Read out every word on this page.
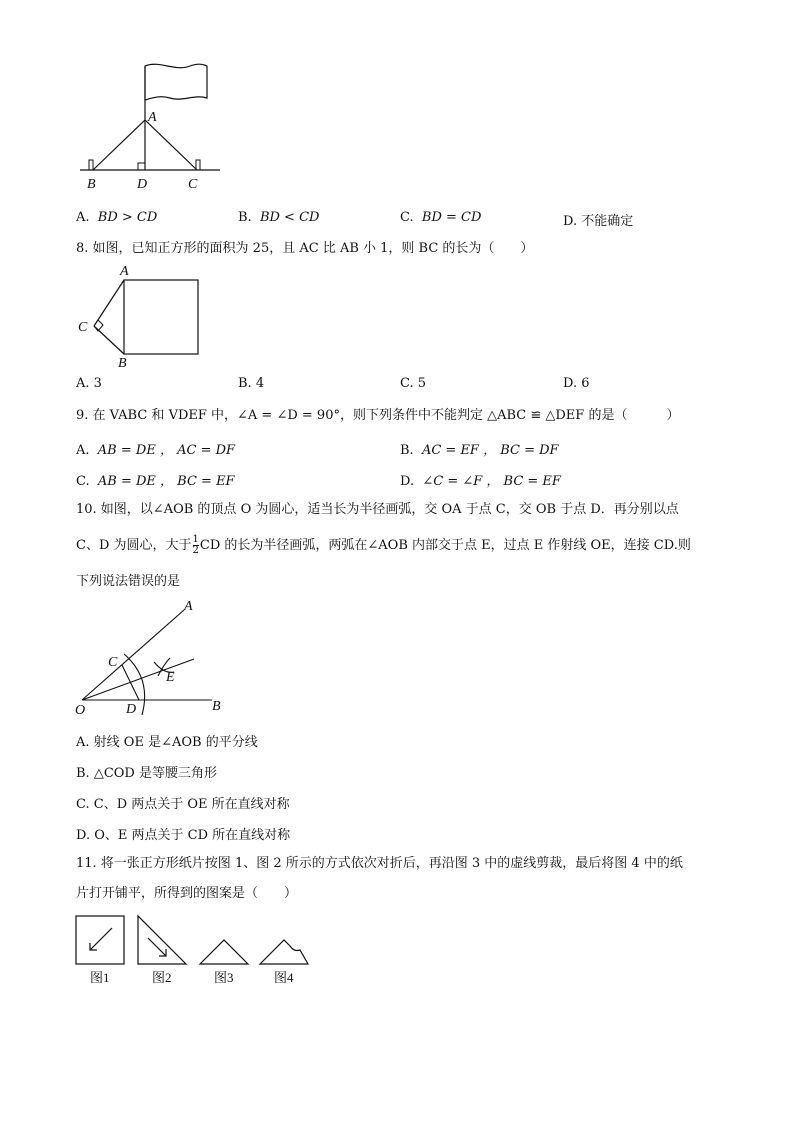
A
B	D	C
A. BD > CD	B. BD < CD	C. BD = CD	D. 不能确定
8. 如图，已知正方形的面积为 25，且 AC 比 AB 小 1，则 BC 的长为（　　）
A
C
B
A. 3	B. 4	C. 5	D. 6
9. 在 VABC 和 VDEF 中，∠A = ∠D = 90°，则下列条件中不能判定 △ABC ≌ △DEF 的是（　　　）
A. AB = DE ， AC = DF	B. AC = EF ， BC = DF
C. AB = DE ， BC = EF	D. ∠C = ∠F ， BC = EF
10. 如图，以∠AOB 的顶点 O 为圆心，适当长为半径画弧，交 OA 于点 C，交 OB 于点 D．再分别以点
C、D 为圆心，大于 $\frac{1}{2}$ CD 的长为半径画弧，两弧在∠AOB 内部交于点 E，过点 E 作射线 OE，连接 CD.则
下列说法错误的是
A
C
E
O	D	B
A. 射线 OE 是∠AOB 的平分线
B. △COD 是等腰三角形
C. C、D 两点关于 OE 所在直线对称
D. O、E 两点关于 CD 所在直线对称
11. 将一张正方形纸片按图 1、图 2 所示的方式依次对折后，再沿图 3 中的虚线剪裁，最后将图 4 中的纸
片打开铺平，所得到的图案是（　　）
图1	图2	图3	图4
